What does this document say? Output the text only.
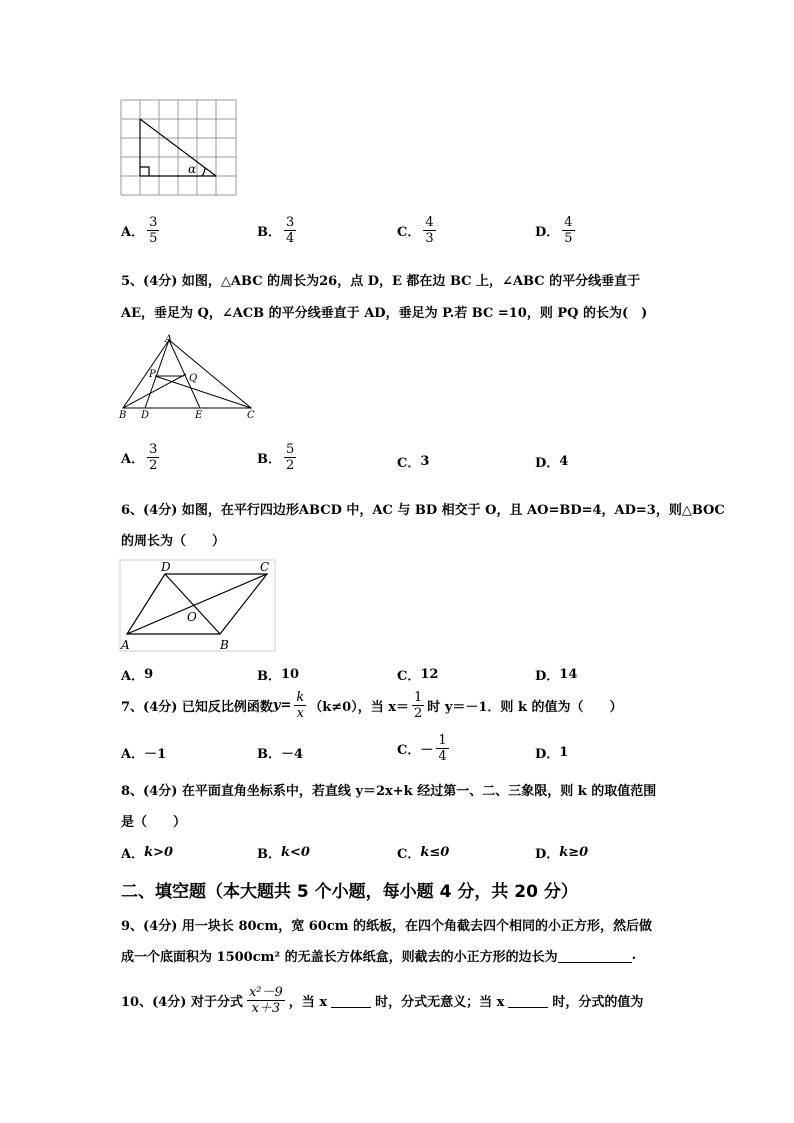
α
A． $\frac{3}{5}$	B． $\frac{3}{4}$	C． $\frac{4}{3}$	D． $\frac{4}{5}$
5、(4分) 如图，△ABC 的周长为26，点 D，E 都在边 BC 上，∠ABC 的平分线垂直于
AE，垂足为 Q，∠ACB 的平分线垂直于 AD，垂足为 P.若 BC =10，则 PQ 的长为(　)
A
B	C
D	E
P	Q
A． $\frac{3}{2}$	B． $\frac{5}{2}$	C． 3	D． 4
6、(4分) 如图，在平行四边形ABCD 中，AC 与 BD 相交于 O，且 AO=BD=4，AD=3，则△BOC
的周长为（　　）
A	B
C
D
O
A． 9	B． 10	C． 12	D． 14
7、(4分) 已知反比例函数 $y = \frac{k}{x} (k\ne 0)$，当 $x= \frac{1}{2}$ 时 y＝－1．则 k 的值为（　　）
A． －1	B． －4	C． － $\frac{1}{4}$	D． 1
8、(4分) 在平面直角坐标系中，若直线 y＝2x+k 经过第一、二、三象限，则 k 的取值范围
是（　　）
A． k>0	B． k<0	C． k≤0	D． k≥0
二、填空题（本大题共 5 个小题，每小题 4 分，共 20 分）
9、(4分) 用一块长 80cm，宽 60cm 的纸板，在四个角截去四个相同的小正方形，然后做
成一个底面积为 1500cm² 的无盖长方体纸盒，则截去的小正方形的边长为	.
10、(4分) 对于分式 $\frac{\text{x²－9}}{x+3}$ ，当 x	时，分式无意义；当 x	时，分式的值为
